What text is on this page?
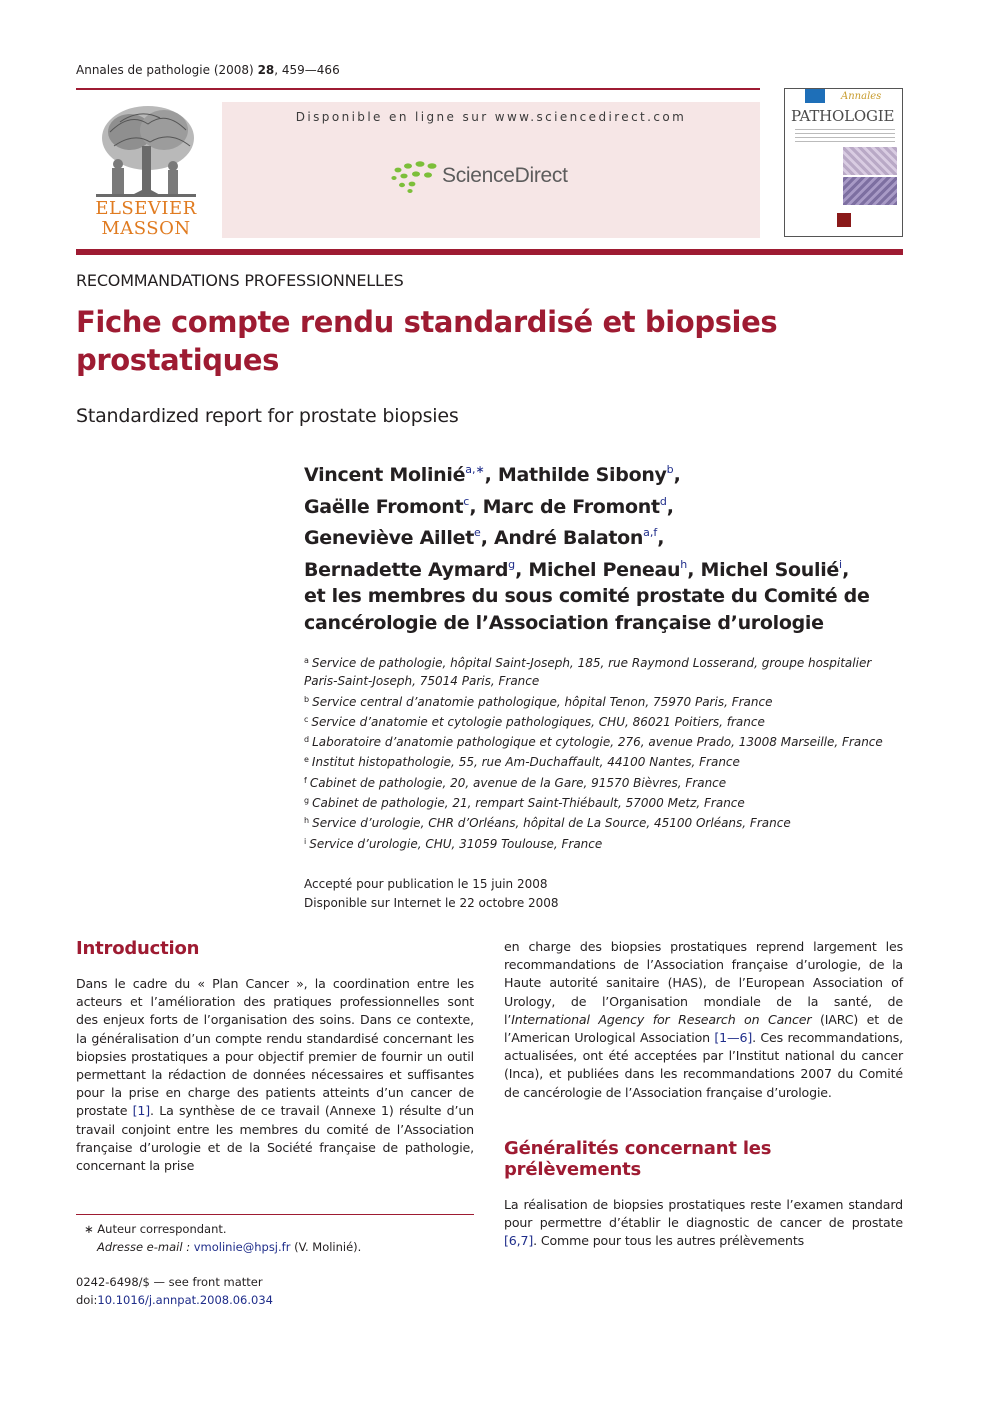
Annales de pathologie (2008) 28, 459—466
ELSEVIER
MASSON
Disponible en ligne sur www.sciencedirect.com
ScienceDirect
Annales
PATHOLOGIE
RECOMMANDATIONS PROFESSIONNELLES
Fiche compte rendu standardisé et biopsies prostatiques
Standardized report for prostate biopsies
Vincent Molinié$^{a,∗}$, Mathilde Sibony$^b$,
Gaëlle Fromont$^c$, Marc de Fromont$^d$,
Geneviève Aillet$^e$, André Balaton$^{a,f}$,
Bernadette Aymard$^g$, Michel Peneau$^h$, Michel Soulié$^i$,
et les membres du sous comité prostate du Comité de cancérologie de l’Association française d’urologie
$^a$ Service de pathologie, hôpital Saint-Joseph, 185, rue Raymond Losserand, groupe hospitalier Paris-Saint-Joseph, 75014 Paris, France
$^b$ Service central d’anatomie pathologique, hôpital Tenon, 75970 Paris, France
$^c$ Service d’anatomie et cytologie pathologiques, CHU, 86021 Poitiers, france
$^d$ Laboratoire d’anatomie pathologique et cytologie, 276, avenue Prado, 13008 Marseille, France
$^e$ Institut histopathologie, 55, rue Am-Duchaffault, 44100 Nantes, France
$^f$ Cabinet de pathologie, 20, avenue de la Gare, 91570 Bièvres, France
$^g$ Cabinet de pathologie, 21, rempart Saint-Thiébault, 57000 Metz, France
$^h$ Service d’urologie, CHR d’Orléans, hôpital de La Source, 45100 Orléans, France
$^i$ Service d’urologie, CHU, 31059 Toulouse, France
Accepté pour publication le 15 juin 2008
Disponible sur Internet le 22 octobre 2008
Introduction

Dans le cadre du « Plan Cancer », la coordination entre les acteurs et l’amélioration des pratiques professionnelles sont des enjeux forts de l’organisation des soins. Dans ce contexte, la généralisation d’un compte rendu standardisé concernant les biopsies prostatiques a pour objectif premier de fournir un outil permettant la rédaction de données nécessaires et suffisantes pour la prise en charge des patients atteints d’un cancer de prostate [1]. La synthèse de ce travail (Annexe 1) résulte d’un travail conjoint entre les membres du comité de l’Association française d’urologie et de la Société française de pathologie, concernant la prise

en charge des biopsies prostatiques reprend largement les recommandations de l’Association française d’urologie, de la Haute autorité sanitaire (HAS), de l’European Association of Urology, de l’Organisation mondiale de la santé, de l’International Agency for Research on Cancer (IARC) et de l’American Urological Association [1—6]. Ces recommandations, actualisées, ont été acceptées par l’Institut national du cancer (Inca), et publiées dans les recommandations 2007 du Comité de cancérologie de l’Association française d’urologie.

Généralités concernant les prélèvements

La réalisation de biopsies prostatiques reste l’examen standard pour permettre d’établir le diagnostic de cancer de prostate [6,7]. Comme pour tous les autres prélèvements

∗ Auteur correspondant.
Adresse e-mail : vmolinie@hpsj.fr (V. Molinié).
0242-6498/$ — see front matter
doi:10.1016/j.annpat.2008.06.034
